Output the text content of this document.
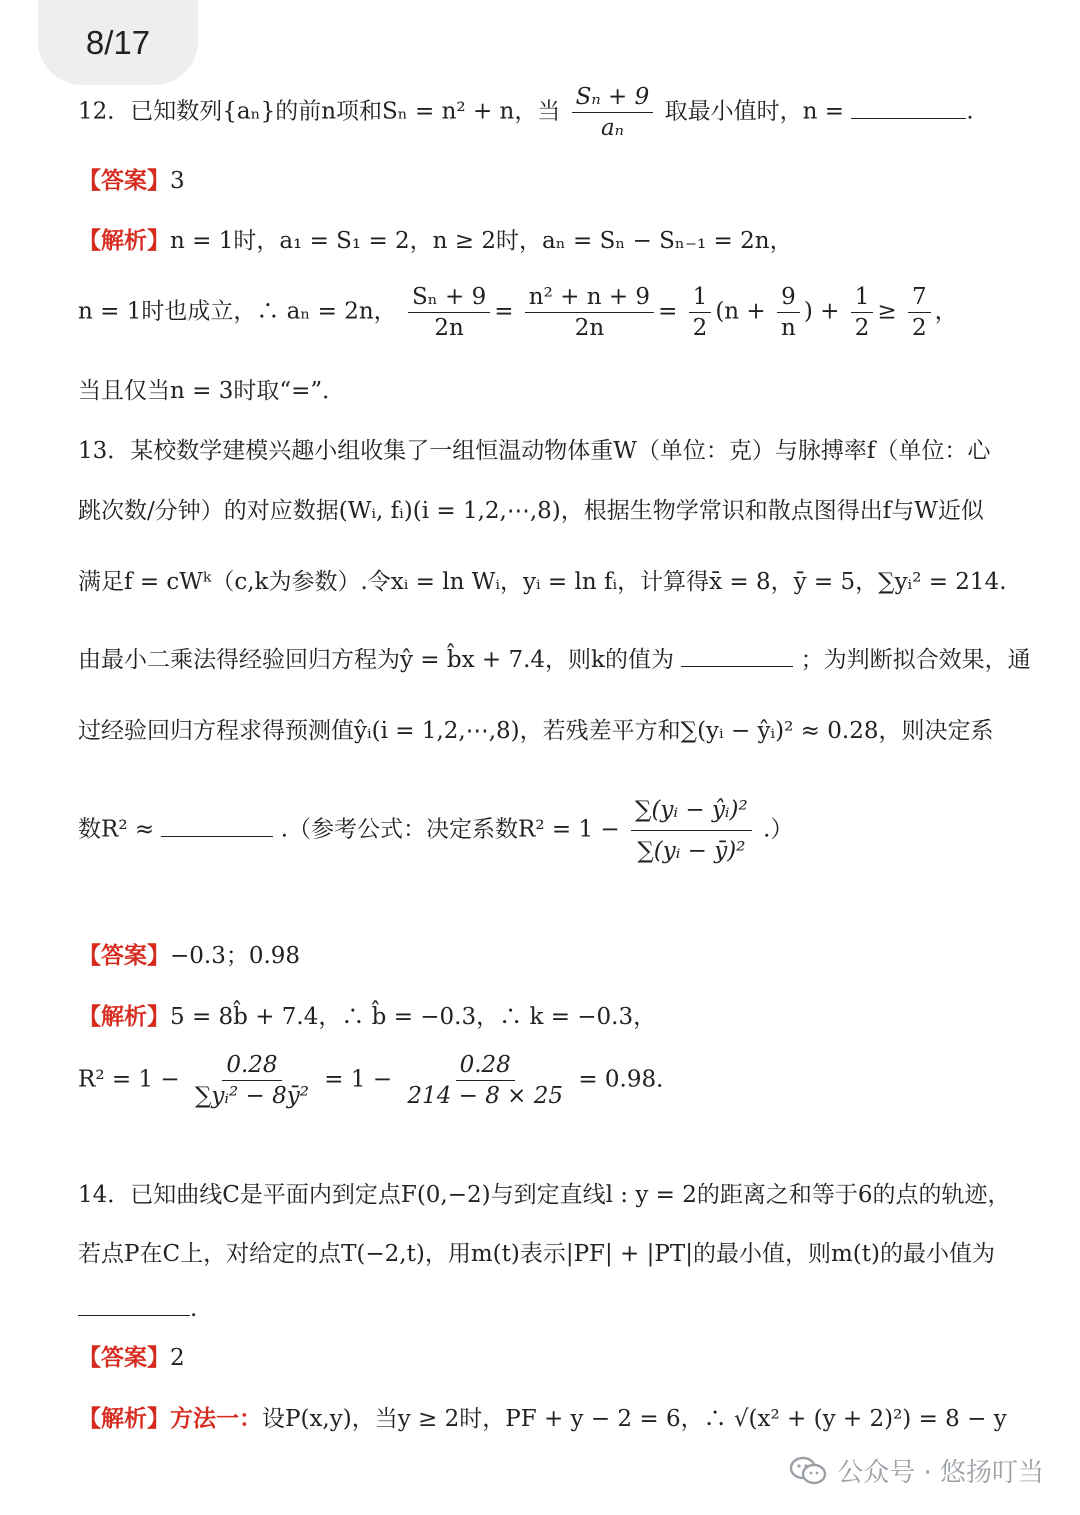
8/17
12．已知数列{aₙ}的前n项和Sₙ = n² + n，当 $\frac{\text{Sₙ + 9}}{\text{aₙ}}$ 取最小值时，n =	.
【答案】3
【解析】n = 1时，a₁ = S₁ = 2，n ≥ 2时，aₙ = Sₙ − Sₙ₋₁ = 2n，
n = 1时也成立，∴ aₙ = 2n， $\frac{\text{Sₙ + 9}}{2n} = \frac{\text{n² + n + 9}}{2n} = \frac{1}{2} (n + \frac{9}{n}$ ) + $\frac{1}{2} \ge \frac{7}{2}$ ，
当且仅当n = 3时取“=”．
13．某校数学建模兴趣小组收集了一组恒温动物体重W（单位：克）与脉搏率f（单位：心
跳次数/分钟）的对应数据(Wᵢ, fᵢ)(i = 1,2,⋯,8)，根据生物学常识和散点图得出f与W近似
满足f = cWᵏ（c,k为参数）.令xᵢ = ln Wᵢ，yᵢ = ln fᵢ，计算得x̄ = 8，ȳ = 5，∑yᵢ² = 214.
由最小二乘法得经验回归方程为ŷ = b̂x + 7.4，则k的值为	；为判断拟合效果，通
过经验回归方程求得预测值ŷᵢ(i = 1,2,⋯,8)，若残差平方和∑(yᵢ − ŷᵢ)² ≈ 0.28，则决定系
数R² ≈	.（参考公式：决定系数$R^2 = 1 - \frac{\text{∑(yᵢ − ŷᵢ)²}}{\text{∑(yᵢ − ȳ)²}}$ .）
【答案】−0.3；0.98
【解析】5 = 8b̂ + 7.4，∴ b̂ = −0.3，∴ k = −0.3，
$R^2 = 1 - \frac{0.28}{\text{∑yᵢ² − 8ȳ²}} = 1 - \frac{0.28}{214 - 8 \times 25} = 0.98$．
14．已知曲线C是平面内到定点F(0,−2)与到定直线l : y = 2的距离之和等于6的点的轨迹，
若点P在C上，对给定的点T(−2,t)，用m(t)表示|PF| + |PT|的最小值，则m(t)的最小值为
.
【答案】2
【解析】方法一：设P(x,y)，当y ≥ 2时，PF + y − 2 = 6，∴ √(x² + (y + 2)²) = 8 − y
公众号 · 悠扬叮当
